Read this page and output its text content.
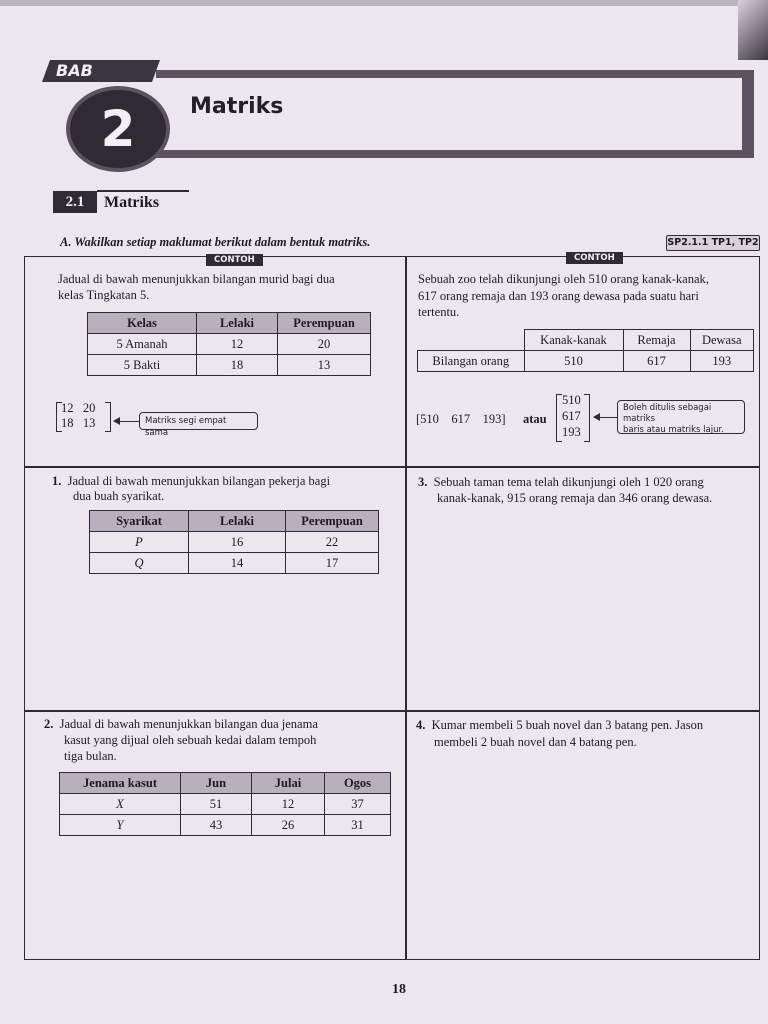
BAB
2	Matriks
2.1	Matriks
A. Wakilkan setiap maklumat berikut dalam bentuk matriks.	SP2.1.1 TP1, TP2
CONTOH	CONTOH
Jadual di bawah menunjukkan bilangan murid bagi dua
kelas Tingkatan 5.
Kelas	Lelaki	Perempuan
5 Amanah	12	20
5 Bakti	18	13
12   20
18   13	Matriks segi empat sama
Sebuah zoo telah dikunjungi oleh 510 orang kanak-kanak,
617 orang remaja dan 193 orang dewasa pada suatu hari
tertentu.
	Kanak-kanak	Remaja	Dewasa
Bilangan orang	510	617	193
[510    617    193] atau
510
617
193
Boleh ditulis sebagai matriks
baris atau matriks lajur.
1. Jadual di bawah menunjukkan bilangan pekerja bagi
dua buah syarikat.
Syarikat	Lelaki	Perempuan
P	16	22
Q	14	17
3. Sebuah taman tema telah dikunjungi oleh 1 020 orang
kanak-kanak, 915 orang remaja dan 346 orang dewasa.
2. Jadual di bawah menunjukkan bilangan dua jenama
kasut yang dijual oleh sebuah kedai dalam tempoh
tiga bulan.
Jenama kasut	Jun	Julai	Ogos
X	51	12	37
Y	43	26	31
4. Kumar membeli 5 buah novel dan 3 batang pen. Jason
membeli 2 buah novel dan 4 batang pen.
18
